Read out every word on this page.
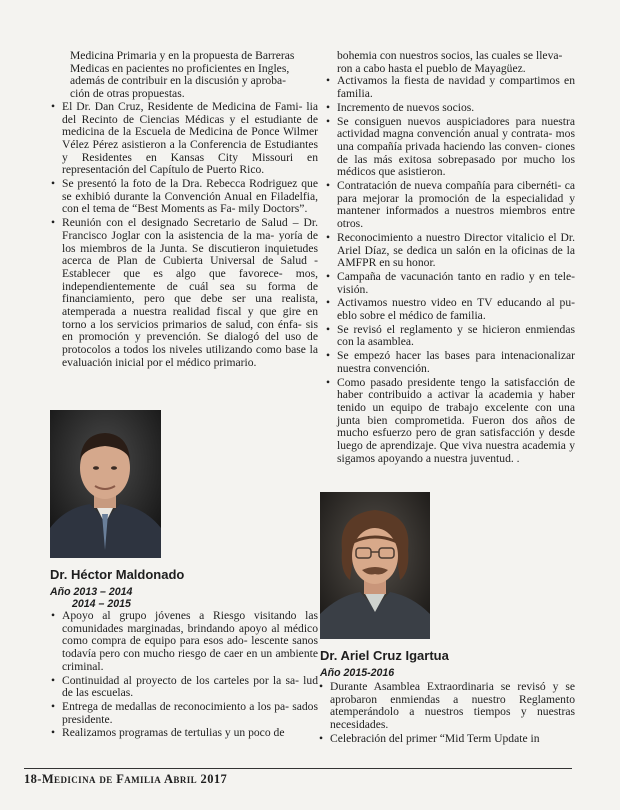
Medicina Primaria y en la propuesta de Barreras

Medicas en pacientes no proficientes en Ingles,

además de contribuir en la discusión y aproba-

ción de otras propuestas.

• El Dr. Dan Cruz, Residente de Medicina de Fami- lia del Recinto de Ciencias Médicas y el estudiante de medicina de la Escuela de Medicina de Ponce Wilmer Vélez Pérez asistieron a la Conferencia de Estudiantes y Residentes en Kansas City Missouri en representación del Capítulo de Puerto Rico.
• Se presentó la foto de la Dra. Rebecca Rodriguez que se exhibió durante la Convención Anual en Filadelfia, con el tema de “Best Moments as Fa- mily Doctors”.
• Reunión con el designado Secretario de Salud – Dr. Francisco Joglar con la asistencia de la ma- yoría de los miembros de la Junta. Se discutieron inquietudes acerca de Plan de Cubierta Universal de Salud - Establecer que es algo que favorece- mos, independientemente de cuál sea su forma de financiamiento, pero que debe ser una realista, atemperada a nuestra realidad fiscal y que gire en torno a los servicios primarios de salud, con énfa- sis en promoción y prevención. Se dialogó del uso de protocolos a todos los niveles utilizando como base la evaluación inicial por el médico primario.
Dr. Héctor Maldonado
Año 2013 – 2014
2014 – 2015
• Apoyo al grupo jóvenes a Riesgo visitando las comunidades marginadas, brindando apoyo al médico como compra de equipo para esos ado- lescente sanos todavía pero con mucho riesgo de caer en un ambiente criminal.
• Continuidad al proyecto de los carteles por la sa- lud de las escuelas.
• Entrega de medallas de reconocimiento a los pa- sados presidente.
• Realizamos programas de tertulias y un poco de

bohemia con nuestros socios, las cuales se lleva-

ron a cabo hasta el pueblo de Mayagüez.

• Activamos la fiesta de navidad y compartimos en familia.
• Incremento de nuevos socios.
• Se consiguen nuevos auspiciadores para nuestra actividad magna convención anual y contrata- mos una compañía privada haciendo las conven- ciones de las más exitosa sobrepasado por mucho los médicos que asistieron.
• Contratación de nueva compañía para cibernéti- ca para mejorar la promoción de la especialidad y mantener informados a nuestros miembros entre otros.
• Reconocimiento a nuestro Director vitalicio el Dr. Ariel Díaz, se dedica un salón en la oficinas de la AMFPR en su honor.
• Campaña de vacunación tanto en radio y en tele- visión.
• Activamos nuestro video en TV educando al pu- eblo sobre el médico de familia.
• Se revisó el reglamento y se hicieron enmiendas con la asamblea.
• Se empezó hacer las bases para intenacionalizar nuestra convención.
• Como pasado presidente tengo la satisfacción de haber contribuido a activar la academia y haber tenido un equipo de trabajo excelente con una junta bien comprometida. Fueron dos años de mucho esfuerzo pero de gran satisfacción y desde luego de aprendizaje. Que viva nuestra academia y sigamos apoyando a nuestra juventud. .
Dr. Ariel Cruz Igartua
Año 2015-2016
• Durante Asamblea Extraordinaria se revisó y se aprobaron enmiendas a nuestro Reglamento atemperándolo a nuestros tiempos y nuestras necesidades.
• Celebración del primer “Mid Term Update in
18-Medicina de Familia Abril 2017
